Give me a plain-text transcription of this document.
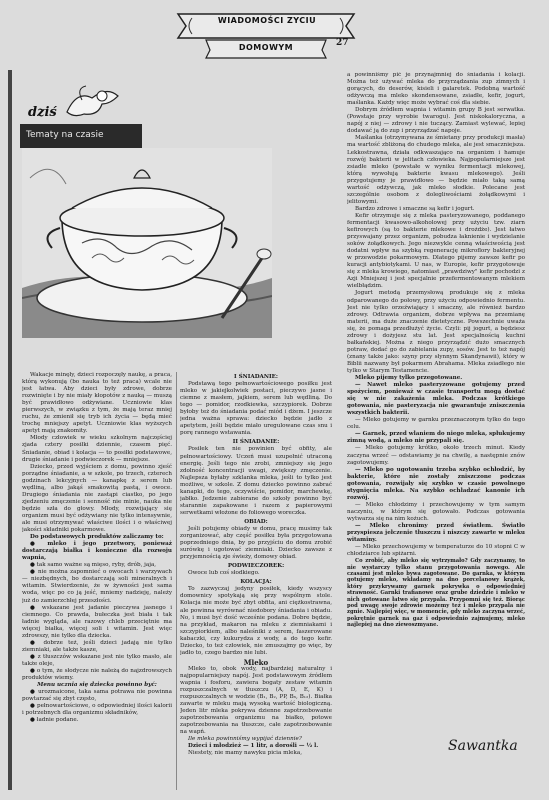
WIADOMOŚCI ZYCIU
DOMOWYM	27
dziś
Tematy na czasie

Wakacje minęły, dzieci rozpoczęły naukę, a praca, którą wykonują (bo nauka to też praca) wcale nie jest łatwa. Aby dzieci były zdrowe, dobrze rozwinięte i by nie miały kłopotów z nauką — muszą być prawidłowo odżywiane. Uczniowie klas pierwszych, w związku z tym, że mają teraz mniej ruchu, że zmienił się tryb ich życia — będą mieć trochę mniejszy apetyt. Uczniowie klas wyższych apetyt mają znakomity.

Młody człowiek w wieku szkolnym najczęściej zjada cztery posiłki dziennie, czasem pięć. Śniadanie, obiad i kolacja — to posiłki podstawowe, drugie śniadanie i podwieczorek — mniejsze.

Dziecko, przed wyjściem z domu, powinno zjeść porządne śniadanie, a w szkole, po trzech, czterech godzinach lekcyjnych — kanapkę z serem lub wędliną, albo jakąś smakowitą pastą, i owoce. Drugiego śniadania nie zastąpi ciastko, po jego zjedzeniu zmęczenie i senność nie minie, nauka nie będzie szła do głowy. Młody, rozwijający się organizm musi być odżywiany nie tylko intensywnie, ale musi otrzymywać właściwe ilości i o właściwej jakości składniki pokarmowe.

Do podstawowych produktów zaliczamy to:

● mleko i jego przetwory, ponieważ dostarczają białka i konieczne dla rozwoju wapnia,

● tak samo ważne są mięso, ryby, drób, jaja,

● nie można zapomnieć o owocach i warzywach — niezbędnych, bo dostarczają soli mineralnych i witamin. Stwierdzenie, że w żywności jest sama woda, więc po co ją jeść, mniemy nadzieję, należy już do zamierzchłej przeszłości.

● wskazane jest jadanie pieczywa jasnego i ciemnego. Co prawda, bułeczka jest biała i tak ładnie wygląda, ale razowy chleb przeciętnie ma więcej białka, więcej soli i witamin. Jest więc zdrowszy, nie tylko dla dziecka.

● dobrze też, jeśli dzieci jadają nie tylko ziemniaki, ale także kasze,

● z tłuszczów wskazane jest nie tylko masło, ale także oleje,

● o tym, że słodycze nie należą do najzdrowszych produktów wiemy.

Menu ucznia się dziecka powinno być:

● urozmaicone, taka sama potrawa nie powinna powtarzać się zbyt często,

● pełnowartościowe, o odpowiedniej ilości kalorii i potrzebnych dla organizmu składników,

● ładnie podane.

I ŚNIADANIE:

Podstawą tego pełnowartościowego posiłku jest mleko w jakiejkolwiek postaci, pieczywo jasne i ciemne z masłem, jajkiem, serem lub wędliną. Do tego — pomidor, rzodkiewka, szczypiorek. Dobrze byłoby też do śniadania podać miód i dżem. I jeszcze jedna ważna sprawa: dziecko będzie jadło z apetytem, jeśli będzie miało uregulowane czas snu i porę rannego wstawania.

II ŚNIADANIE:

Posiłek ten nie powinien być obfity, ale pełnowartościowy. Uczeń musi uzupełnić utraconą energię. Jeśli tego nie zrobi, zmniejszy się jego zdolność koncentracji uwagi, zwiększy zmęczenie. Najlepsza byłaby szklanka mleka, jeśli to tylko jest możliwe, w szkole. Z domu dziecko powinno zabrać kanapki, do tego, oczywiście, pomidor, marchewkę, jabłko. Jedzenie zabierane do szkoły powinno być starannie zapakowane i razem z papierowymi serwetkami włożone do foliowego woreczka.

OBIAD:

Jeśli potujemy obiady w domu, pracę musimy tak zorganizować, aby część posiłku była przygotowana poprzedniego dnia, by po przyjściu do domu zrobić surówkę i ugotować ziemniaki. Dziecko zawsze z przyjemnością zje świeży, domowy obiad.

PODWIECZOREK:

Owoce lub coś słodkiego.

KOLACJA:

To zazwyczaj jedyny posiłek, kiedy wszyscy domownicy spotykają się przy wspólnym stole. Kolacja nie może być zbyt obfita, ani ciężkostrawna, ale powinna wyrównać niedobory śniadania i obiadu. No, i musi być dość wcześnie podana. Dobre będzie, na przykład, makaron na mleku z ziemniakami i szczypiorkiem, albo naleśniki z serem, faszerowane kabaczki, czy kukurydza z wody, a do tego kefir. Dziecko, to też człowiek, nie zmuszajmy go więc, by jadło to, czego bardzo nie lubi.

Mleko

Mleko to, obok wody, najbardziej naturalny i najpopularniejszy napój. Jest podstawowym źródłem wapnia i fosforu, zawiera bogaty zestaw witamin rozpuszczalnych w tłuszczu (A, D, E, K) i rozpuszczalnych w wodzie (B₁, B₂, PP, B₆, B₁₂). Białka zawarte w mleku mają wysoką wartość biologiczną. Jeden litr mleka pokrywa dzienne zapotrzebowanie zapotrzebowania organizmu na białko, potowe zapotrzebowania na tłuszcze, całe zapotrzebowanie na wapń.

Ile mleka powinniśmy wypijać dziennie?

Dzieci i młodzież — 1 litr, a dorośli — ½ l.

Niestety, nie mamy nawyku picia mleka,

a powinniśmy pić je przynajmniej do śniadania i kolacji. Można też używać mleka do przyrządzania zup zimnych i gorących, do deserów, kisieli i galaretek. Podobną wartość odżywczą ma mleko skondensowane, zsiadłe, kefir, jogurt, maślanka. Każdy więc może wybrać coś dla siebie.

Dobrym źródłem wapnia i witamin grupy B jest serwatka. (Powstaje przy wyrobie twarogu). Jest niskokaloryczna, a napój z niej — zdrowy i nie tuczący. Zamiast wylewać, lepiej dodawać ją do zup i przyrządzać napoje.

Maślanka (otrzymywana ze śmietany przy produkcji masła) ma wartość zbliżoną do chudego mleka, ale jest smaczniejsza. Lekkostrawna, działa odkwaszająco na organizm i hamuje rozwój bakterii w jelitach człowieka. Najpopularniejsze jest zsiadłe mleko (powstałe w wyniku fermentacji mlekowej, którą wywołują bakterie kwasu mlekowego). Jeśli przygotujemy je prawidłowo — będzie miało taką samą wartość odżywczą, jak mleko słodkie. Polecane jest szczególnie osobom z dolegliwościami żołądkowymi i jelitowymi.

Bardzo zdrowe i smaczne są kefir i jogurt.

Kefir otrzymuje się z mleka pasteryzowanego, poddanego fermentacji kwasowo-alkoholowej przy użyciu tzw. ziarn kefirowych (są to bakterie mlekowe i drożdże). Jest łatwo przyswajany przez organizm, pobudza łaknienie i wydzielanie soków żołądkowych. Jego niezwykle cenną właściwością jest dodatni wpływ na szybką regenerację mikroflory bakteryjnej w przewodzie pokarmowym. Dlatego pijemy zawsze kefir po kuracji antybiotykami. U nas, w Europie, kefir przygotowuje się z mleka krowiego, natomiast „prawdziwy" kefir pochodzi z Azji Mniejszej i jest specjalnie przefermentowanym mlekiem wielbłądzim.

Jogurt metodą przemysłową produkuje się z mleka odparowanego do połowy, przy użyciu odpowiednio fermentu. Jest nie tylko orzeźwiający i smaczny, ale również bardzo zdrowy. Odtrawia organizm, dobrze wpływa na przemianę materii, ma duże znaczenie dietetyczne. Powszechnie uważa się, że pomaga przedłużyć życie. Czyli: pij jogurt, a będziesz zdrowy i dożyjesz stu lat. Jest specjalnością kuchni bałkańskiej. Można z niego przyrządzić dużo smacznych potraw, dodać go do zabielania zupy, sosów. Jest to też napój (znany także jako: szyny przy słynnym Skandynawii), który w Biblii nazwany był pokarmem Abrahama. Mleka zsiadłego nie tylko w Starym Testamencie.

Mleko pijemy tylko przegotowane.

— Nawet mleko pasteryzowane gotujemy przed spożyciem, ponieważ w czasie transportu mogą dostać się w nie zakażenia mleka. Podczas krótkiego gotowania, nie pasteryzacja nie gwarantuje zniszczenia wszystkich bakterii.

— Mleko gotujemy w garnku przeznaczonym tylko do tego celu.

— Garnek, przed wlaniem do niego mleka, spłukujemy zimną wodą, a mleko nie przypali się.

— Mleko gotujemy krótko, około trzech minut. Kiedy zaczyna wrzeć — odstawiamy je na chwilę, a następnie znów zagotowujemy.

— Mleko po ugotowaniu trzeba szybko ochłodzić, by bakterie, które nie zostały zniszczone podczas gotowania, rozwijały się szybko w czasie powolnego stygnięcia mleka. Na szybko ochładzać kanonie ich rozwój.

— Mleko chłodzimy i przechowujemy w tym samym naczyniu, w którym się gotowało. Podczas gotowania wytwarza się na nim kożuch.

— Mleko chronimy przed światłem. Światło przyspiesza jełczenie tłuszczu i niszczy zawarte w mleku witaminy.

— Mleko przechowujemy w temperaturze do 10 stopni C w chłodziarce lub spiżarni.

Co zrobić, aby mleko się wytrzymało? Gdy zaczynamy, to nie wystarczy tylko stanu przygotowania nowego. Ale czasami jest mleko bywa zagotowane. Do garnka, w którym gotujemy mleko, wkładamy na dno porcelanowy krążek, który przykrywamy garnek pokrywka o odpowiedniej strawność. Garnki trafianowe oraz grube dziedzie i mleko w nich gotowane łatwo się przypala. Przypomni się też. Biorąc pod uwagę swoje zdrowie możemy też i mleko przypala nie zgnie. Najlepiej więc, w momencie, gdy mleko zaczyna wrzeć, pokrętnie garnek na gaz i odpowiednio zajmujemy, mleko najlepiej na dno ziewoszmyane.

Sawantka
